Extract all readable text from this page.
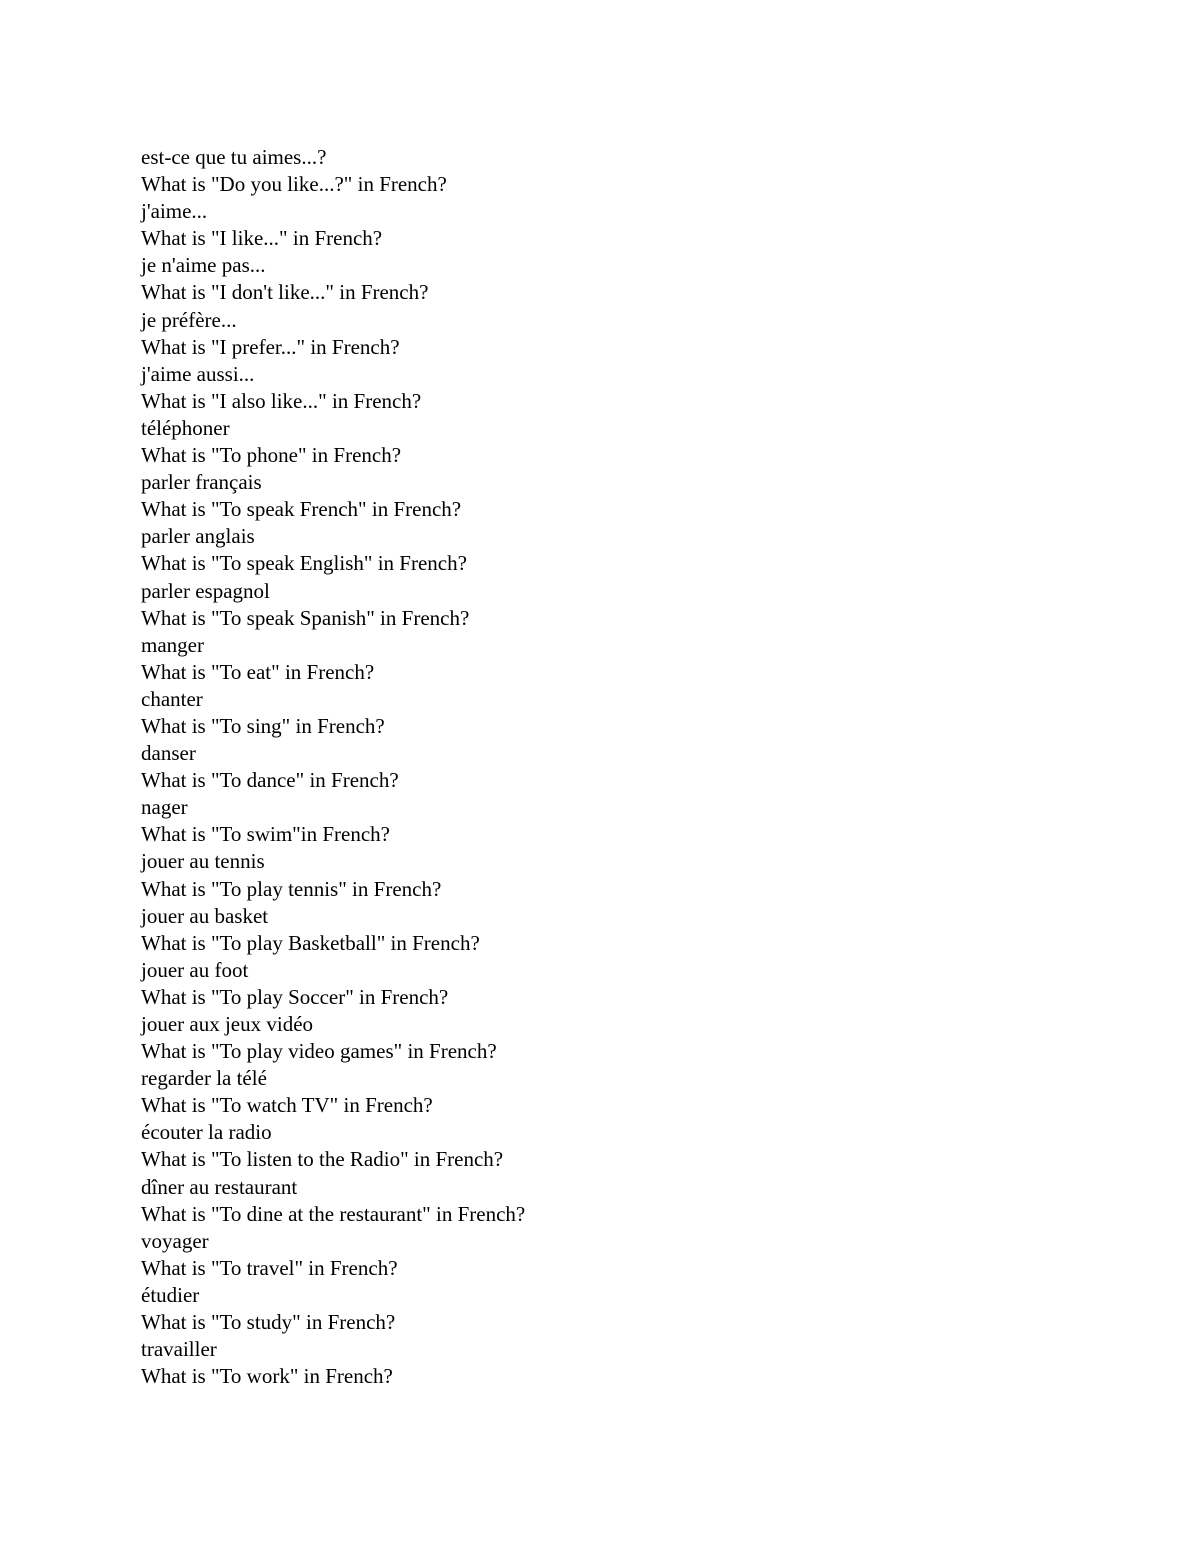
est-ce que tu aimes...?
What is "Do you like...?" in French?
j'aime...
What is "I like..." in French?
je n'aime pas...
What is "I don't like..." in French?
je préfère...
What is "I prefer..." in French?
j'aime aussi...
What is "I also like..." in French?
téléphoner
What is "To phone" in French?
parler français
What is "To speak French" in French?
parler anglais
What is "To speak English" in French?
parler espagnol
What is "To speak Spanish" in French?
manger
What is "To eat" in French?
chanter
What is "To sing" in French?
danser
What is "To dance" in French?
nager
What is "To swim"in French?
jouer au tennis
What is "To play tennis" in French?
jouer au basket
What is "To play Basketball" in French?
jouer au foot
What is "To play Soccer" in French?
jouer aux jeux vidéo
What is "To play video games" in French?
regarder la télé
What is "To watch TV" in French?
écouter la radio
What is "To listen to the Radio" in French?
dîner au restaurant
What is "To dine at the restaurant" in French?
voyager
What is "To travel" in French?
étudier
What is "To study" in French?
travailler
What is "To work" in French?
